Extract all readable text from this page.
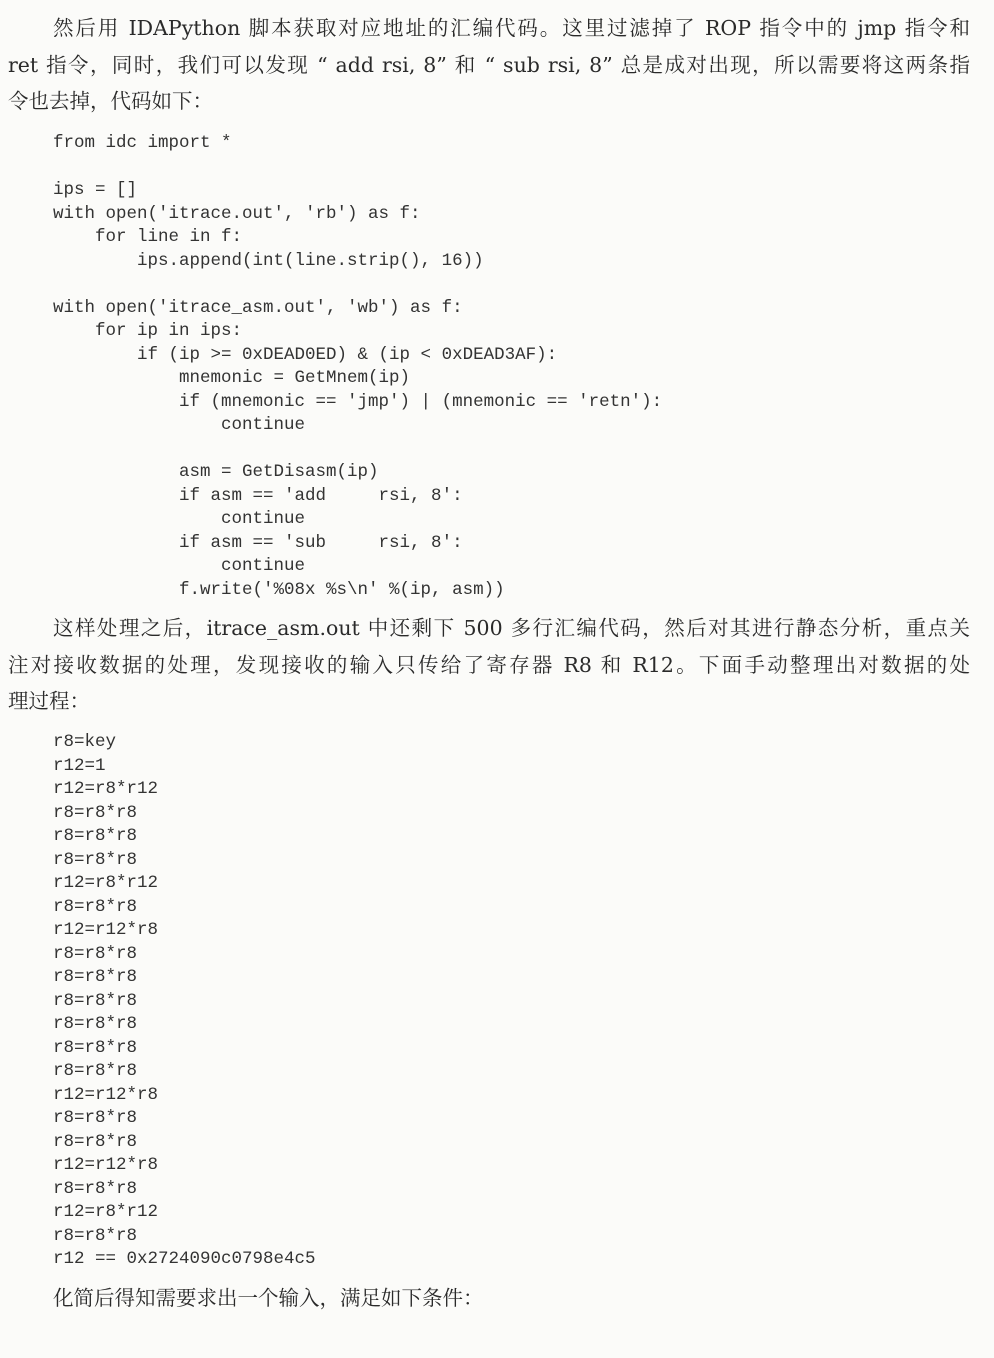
然后用 IDAPython 脚本获取对应地址的汇编代码。这里过滤掉了 ROP 指令中的 jmp 指令和
ret 指令，同时，我们可以发现 “ add rsi, 8” 和 “ sub rsi, 8” 总是成对出现，所以需要将这两条指
令也去掉，代码如下：
from idc import *
ips = []
with open('itrace.out', 'rb') as f:
for line in f:
ips.append(int(line.strip(), 16))
with open('itrace_asm.out', 'wb') as f:
for ip in ips:
if (ip >= 0xDEAD0ED) & (ip < 0xDEAD3AF):
mnemonic = GetMnem(ip)
if (mnemonic == 'jmp') | (mnemonic == 'retn'):
continue
asm = GetDisasm(ip)
if asm == 'add     rsi, 8':
continue
if asm == 'sub     rsi, 8':
continue
f.write('%08x %s\n' %(ip, asm))
这样处理之后，itrace_asm.out 中还剩下 500 多行汇编代码，然后对其进行静态分析，重点关
注对接收数据的处理，发现接收的输入只传给了寄存器 R8 和 R12。下面手动整理出对数据的处
理过程：
r8=key
r12=1
r12=r8*r12
r8=r8*r8
r8=r8*r8
r8=r8*r8
r12=r8*r12
r8=r8*r8
r12=r12*r8
r8=r8*r8
r8=r8*r8
r8=r8*r8
r8=r8*r8
r8=r8*r8
r8=r8*r8
r12=r12*r8
r8=r8*r8
r8=r8*r8
r12=r12*r8
r8=r8*r8
r12=r8*r12
r8=r8*r8
r12 == 0x2724090c0798e4c5
化简后得知需要求出一个输入，满足如下条件：
